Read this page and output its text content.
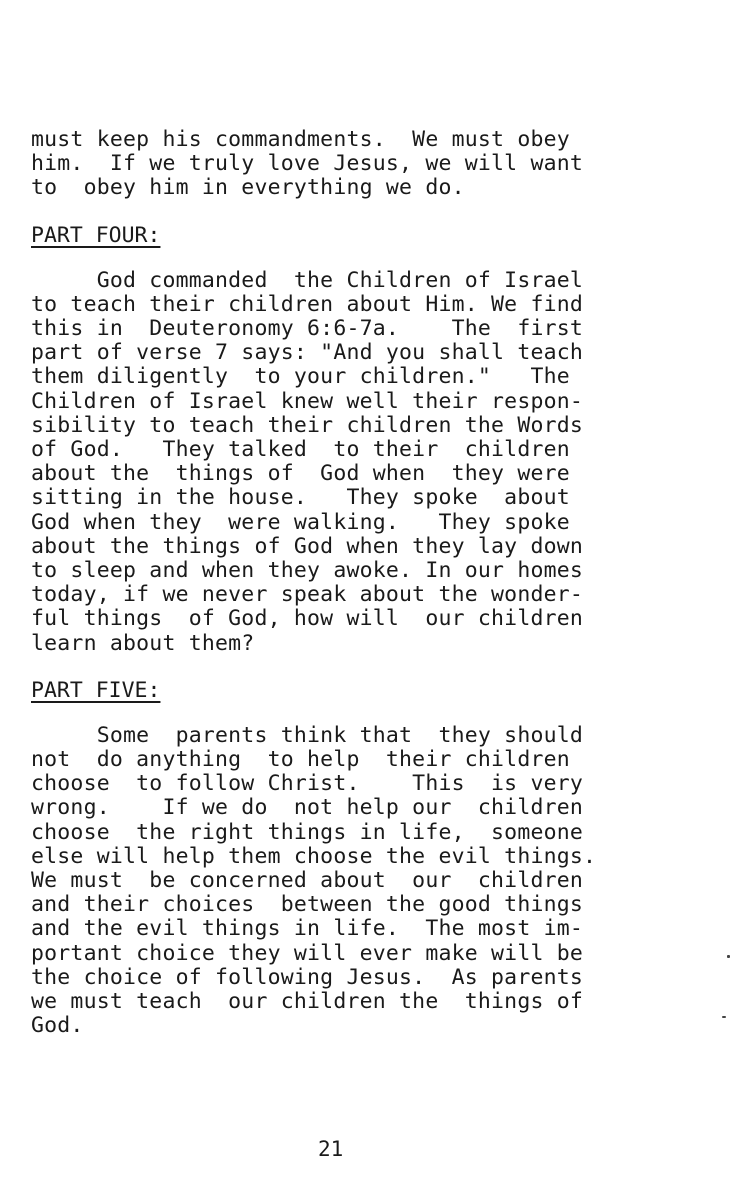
must keep his commandments.  We must obey
him.  If we truly love Jesus, we will want
to  obey him in everything we do.
PART FOUR:
God commanded  the Children of Israel
to teach their children about Him. We find
this in  Deuteronomy 6:6-7a.    The  first
part of verse 7 says: "And you shall teach
them diligently  to your children."   The
Children of Israel knew well their respon-
sibility to teach their children the Words
of God.   They talked  to their  children
about the  things of  God when  they were
sitting in the house.   They spoke  about
God when they  were walking.   They spoke
about the things of God when they lay down
to sleep and when they awoke. In our homes
today, if we never speak about the wonder-
ful things  of God, how will  our children
learn about them?
PART FIVE:
Some  parents think that  they should
not  do anything  to help  their children
choose  to follow Christ.    This  is very
wrong.    If we do  not help our  children
choose  the right things in life,  someone
else will help them choose the evil things.
We must  be concerned about  our  children
and their choices  between the good things
and the evil things in life.  The most im-
portant choice they will ever make will be
the choice of following Jesus.  As parents
we must teach  our children the  things of
God.
21
